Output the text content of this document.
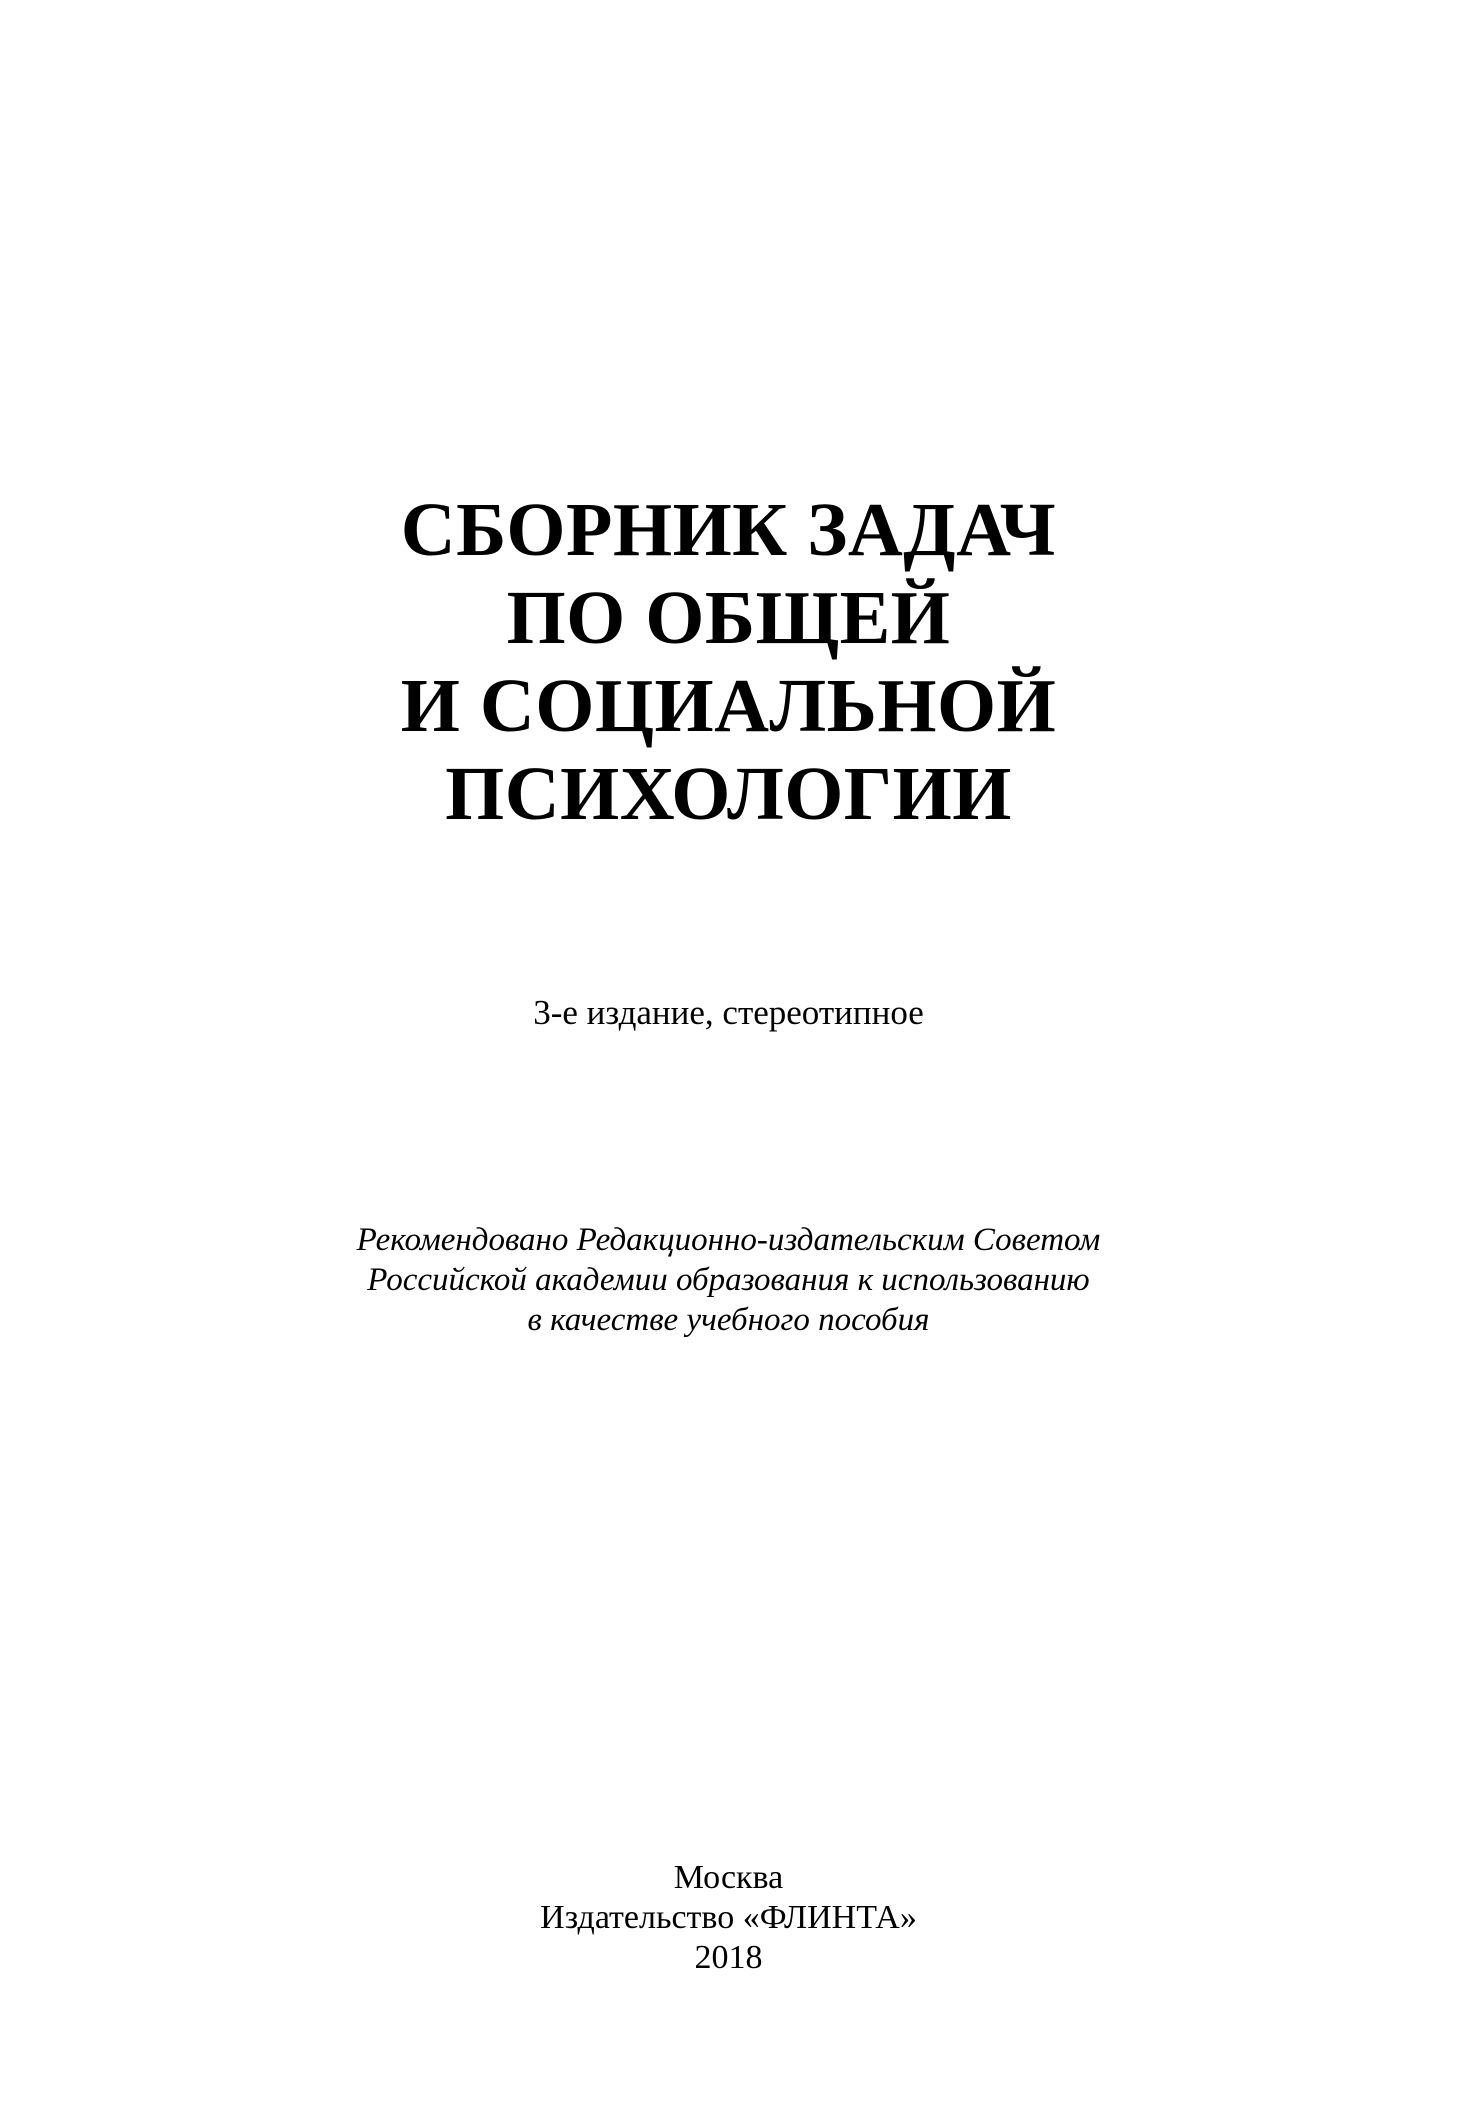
СБОРНИК ЗАДАЧ
ПО ОБЩЕЙ
И СОЦИАЛЬНОЙ
ПСИХОЛОГИИ
3-е издание, стереотипное
Рекомендовано Редакционно-издательским Советом
Российской академии образования к использованию
в качестве учебного пособия
Москва
Издательство «ФЛИНТА»
2018
